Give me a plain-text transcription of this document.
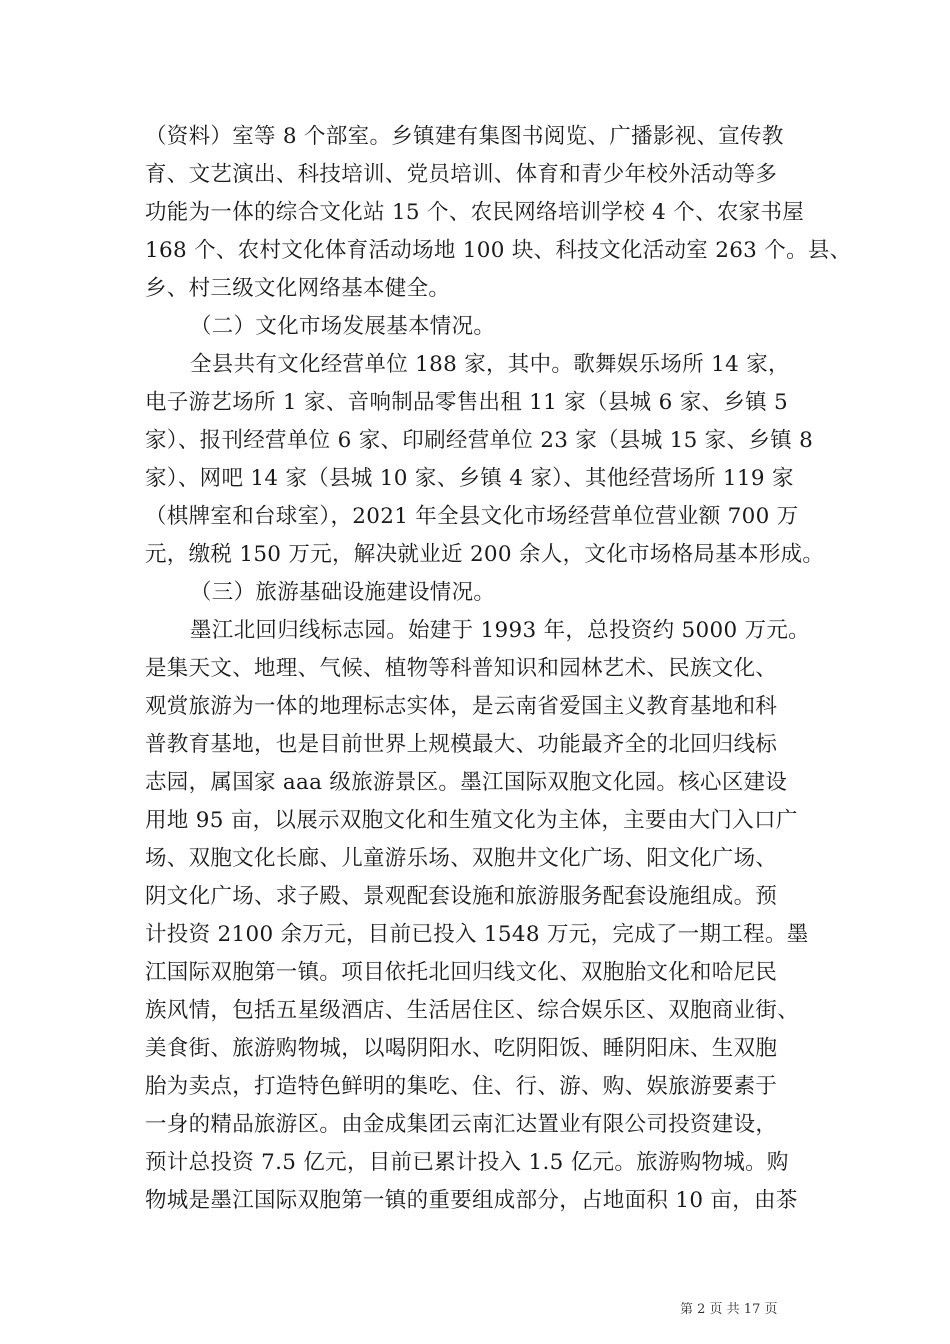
（资料）室等 8 个部室。乡镇建有集图书阅览、广播影视、宣传教
育、文艺演出、科技培训、党员培训、体育和青少年校外活动等多
功能为一体的综合文化站 15 个、农民网络培训学校 4 个、农家书屋
168 个、农村文化体育活动场地 100 块、科技文化活动室 263 个。县、
乡、村三级文化网络基本健全。
（二）文化市场发展基本情况。
全县共有文化经营单位 188 家，其中。歌舞娱乐场所 14 家，
电子游艺场所 1 家、音响制品零售出租 11 家（县城 6 家、乡镇 5
家）、报刊经营单位 6 家、印刷经营单位 23 家（县城 15 家、乡镇 8
家）、网吧 14 家（县城 10 家、乡镇 4 家）、其他经营场所 119 家
（棋牌室和台球室），2021 年全县文化市场经营单位营业额 700 万
元，缴税 150 万元，解决就业近 200 余人，文化市场格局基本形成。
（三）旅游基础设施建设情况。
墨江北回归线标志园。始建于 1993 年，总投资约 5000 万元。
是集天文、地理、气候、植物等科普知识和园林艺术、民族文化、
观赏旅游为一体的地理标志实体，是云南省爱国主义教育基地和科
普教育基地，也是目前世界上规模最大、功能最齐全的北回归线标
志园，属国家 aaa 级旅游景区。墨江国际双胞文化园。核心区建设
用地 95 亩，以展示双胞文化和生殖文化为主体，主要由大门入口广
场、双胞文化长廊、儿童游乐场、双胞井文化广场、阳文化广场、
阴文化广场、求子殿、景观配套设施和旅游服务配套设施组成。预
计投资 2100 余万元，目前已投入 1548 万元，完成了一期工程。墨
江国际双胞第一镇。项目依托北回归线文化、双胞胎文化和哈尼民
族风情，包括五星级酒店、生活居住区、综合娱乐区、双胞商业街、
美食街、旅游购物城，以喝阴阳水、吃阴阳饭、睡阴阳床、生双胞
胎为卖点，打造特色鲜明的集吃、住、行、游、购、娱旅游要素于
一身的精品旅游区。由金成集团云南汇达置业有限公司投资建设，
预计总投资 7.5 亿元，目前已累计投入 1.5 亿元。旅游购物城。购
物城是墨江国际双胞第一镇的重要组成部分，占地面积 10 亩，由茶
第 2 页 共 17 页
